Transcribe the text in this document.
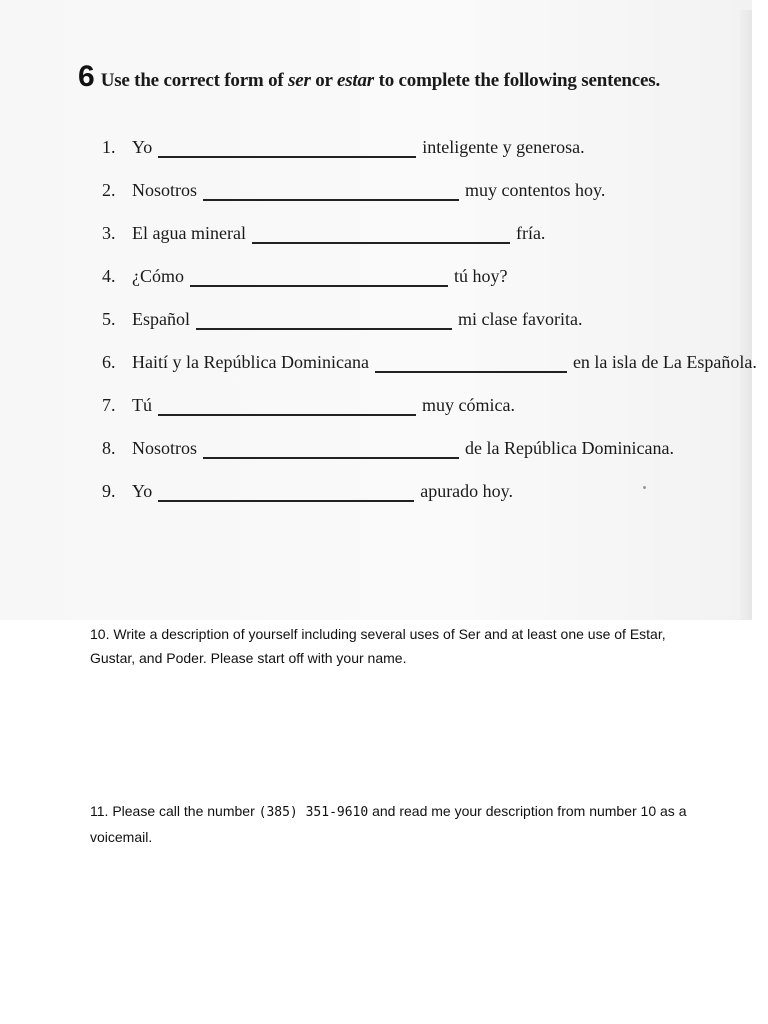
6 Use the correct form of ser or estar to complete the following sentences.
1. Yo	inteligente y generosa.
2. Nosotros	muy contentos hoy.
3. El agua mineral	fría.
4. ¿Cómo	tú hoy?
5. Español	mi clase favorita.
6. Haití y la República Dominicana	en la isla de La Española.
7. Tú	muy cómica.
8. Nosotros	de la República Dominicana.
9. Yo	apurado hoy.
10. Write a description of yourself including several uses of Ser and at least one use of Estar, Gustar, and Poder. Please start off with your name.
11. Please call the number (385) 351-9610 and read me your description from number 10 as a voicemail.
